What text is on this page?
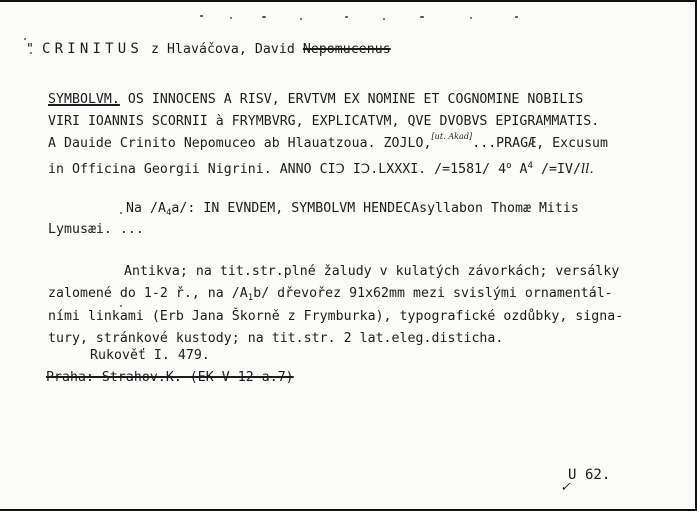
" CRINITUS z Hlaváčova, David Nepomucenus
SYMBOLVM. OS INNOCENS A RISV, ERVTVM EX NOMINE ET COGNOMINE NOBILIS
VIRI IOANNIS SCORNII à FRYMBVRG, EXPLICATVM, QVE DVOBVS EPIGRAMMATIS.
A Dauide Crinito Nepomuceo ab Hlauatzoua. ZOJLO,[ut. Akad]...PRAGÆ, Excusum
in Officina Georgii Nigrini. ANNO CIↃ IↃ.LXXXI. /=1581/ 4$^o$ $A^4$ /=IV/ll.
Na $/A_4a/$: IN EVNDEM, SYMBOLVM HENDECAsyllabon Thomæ Mitis
Lymusæi. ...
Antikva; na tit.str.plné žaludy v kulatých závorkách; versálky
zalomené do 1-2 ř., na $/A_1b/$ dřevořez 91x62mm mezi svislými ornamentál-
ními linkami (Erb Jana Škorně z Frymburka), typografické ozdůbky, signa-
tury, stránkové kustody; na tit.str. 2 lat.eleg.disticha.
Rukověť I. 479.
Praha: Strahov.K. (EK V 12 a.7)
U 62.
✓
